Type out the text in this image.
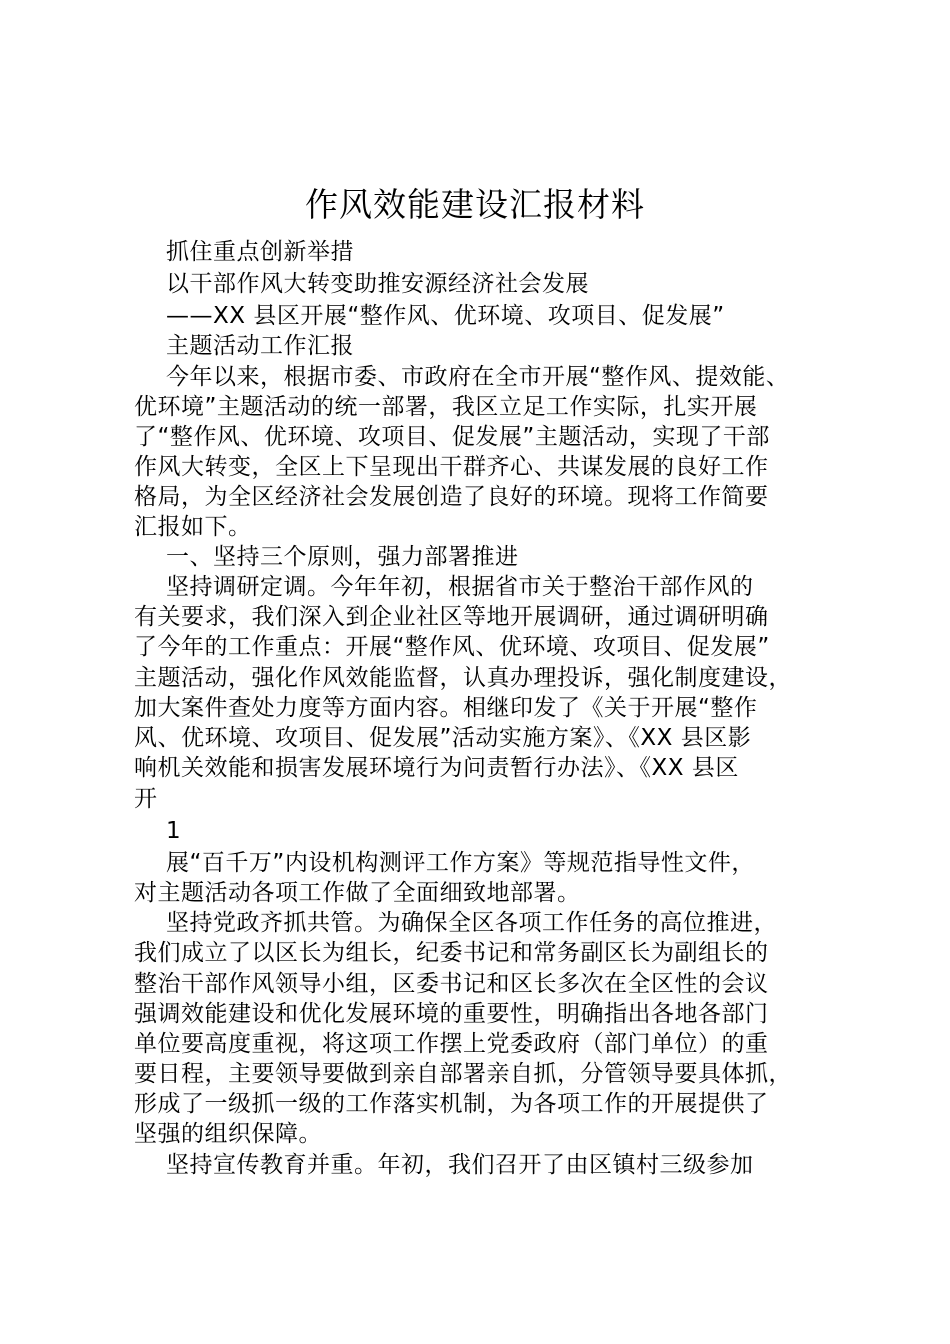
作风效能建设汇报材料
抓住重点创新举措
以干部作风大转变助推安源经济社会发展
——XX 县区开展“整作风、优环境、攻项目、促发展”
主题活动工作汇报
今年以来，根据市委、市政府在全市开展“整作风、提效能、
优环境”主题活动的统一部署，我区立足工作实际，扎实开展
了“整作风、优环境、攻项目、促发展”主题活动，实现了干部
作风大转变，全区上下呈现出干群齐心、共谋发展的良好工作
格局，为全区经济社会发展创造了良好的环境。现将工作简要
汇报如下。
一、坚持三个原则，强力部署推进
坚持调研定调。今年年初，根据省市关于整治干部作风的
有关要求，我们深入到企业社区等地开展调研，通过调研明确
了今年的工作重点：开展“整作风、优环境、攻项目、促发展”
主题活动，强化作风效能监督，认真办理投诉，强化制度建设，
加大案件查处力度等方面内容。相继印发了《关于开展“整作
风、优环境、攻项目、促发展”活动实施方案》、《XX 县区影
响机关效能和损害发展环境行为问责暂行办法》、《XX 县区
开
1
展“百千万”内设机构测评工作方案》等规范指导性文件，
对主题活动各项工作做了全面细致地部署。
坚持党政齐抓共管。为确保全区各项工作任务的高位推进，
我们成立了以区长为组长，纪委书记和常务副区长为副组长的
整治干部作风领导小组，区委书记和区长多次在全区性的会议
强调效能建设和优化发展环境的重要性，明确指出各地各部门
单位要高度重视，将这项工作摆上党委政府（部门单位）的重
要日程，主要领导要做到亲自部署亲自抓，分管领导要具体抓，
形成了一级抓一级的工作落实机制，为各项工作的开展提供了
坚强的组织保障。
坚持宣传教育并重。年初，我们召开了由区镇村三级参加
